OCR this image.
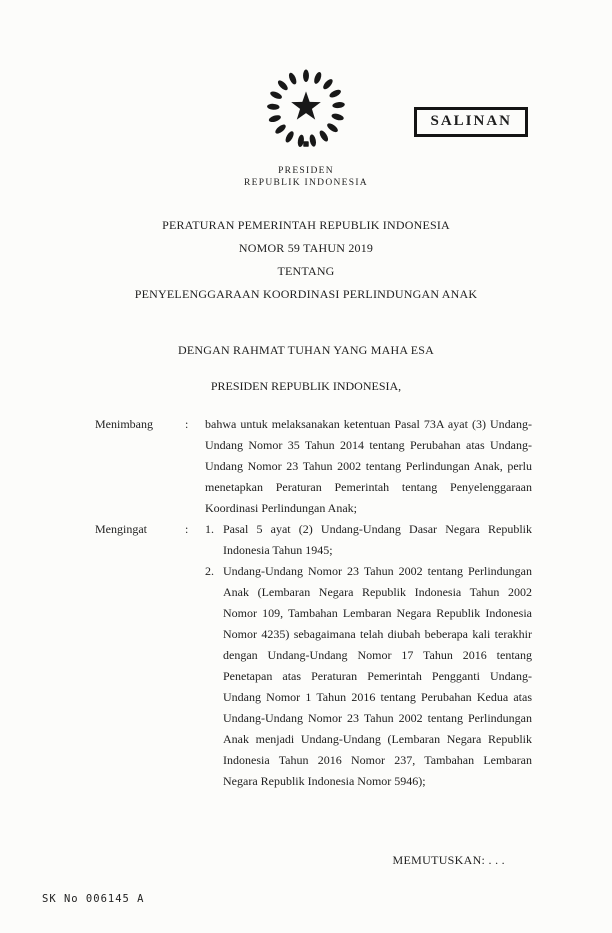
SALINAN
PRESIDEN
REPUBLIK INDONESIA
PERATURAN PEMERINTAH REPUBLIK INDONESIA
NOMOR 59 TAHUN 2019
TENTANG
PENYELENGGARAAN KOORDINASI PERLINDUNGAN ANAK
DENGAN RAHMAT TUHAN YANG MAHA ESA
PRESIDEN REPUBLIK INDONESIA,
Menimbang	:	bahwa untuk melaksanakan ketentuan Pasal 73A ayat (3) Undang-Undang Nomor 35 Tahun 2014 tentang Perubahan atas Undang-Undang Nomor 23 Tahun 2002 tentang Perlindungan Anak, perlu menetapkan Peraturan Pemerintah tentang Penyelenggaraan Koordinasi Perlindungan Anak;
Mengingat	:	1. Pasal 5 ayat (2) Undang-Undang Dasar Negara Republik Indonesia Tahun 1945;
2. Undang-Undang Nomor 23 Tahun 2002 tentang Perlindungan Anak (Lembaran Negara Republik Indonesia Tahun 2002 Nomor 109, Tambahan Lembaran Negara Republik Indonesia Nomor 4235) sebagaimana telah diubah beberapa kali terakhir dengan Undang-Undang Nomor 17 Tahun 2016 tentang Penetapan atas Peraturan Pemerintah Pengganti Undang-Undang Nomor 1 Tahun 2016 tentang Perubahan Kedua atas Undang-Undang Nomor 23 Tahun 2002 tentang Perlindungan Anak menjadi Undang-Undang (Lembaran Negara Republik Indonesia Tahun 2016 Nomor 237, Tambahan Lembaran Negara Republik Indonesia Nomor 5946);
MEMUTUSKAN: . . .
SK No 006145 A
